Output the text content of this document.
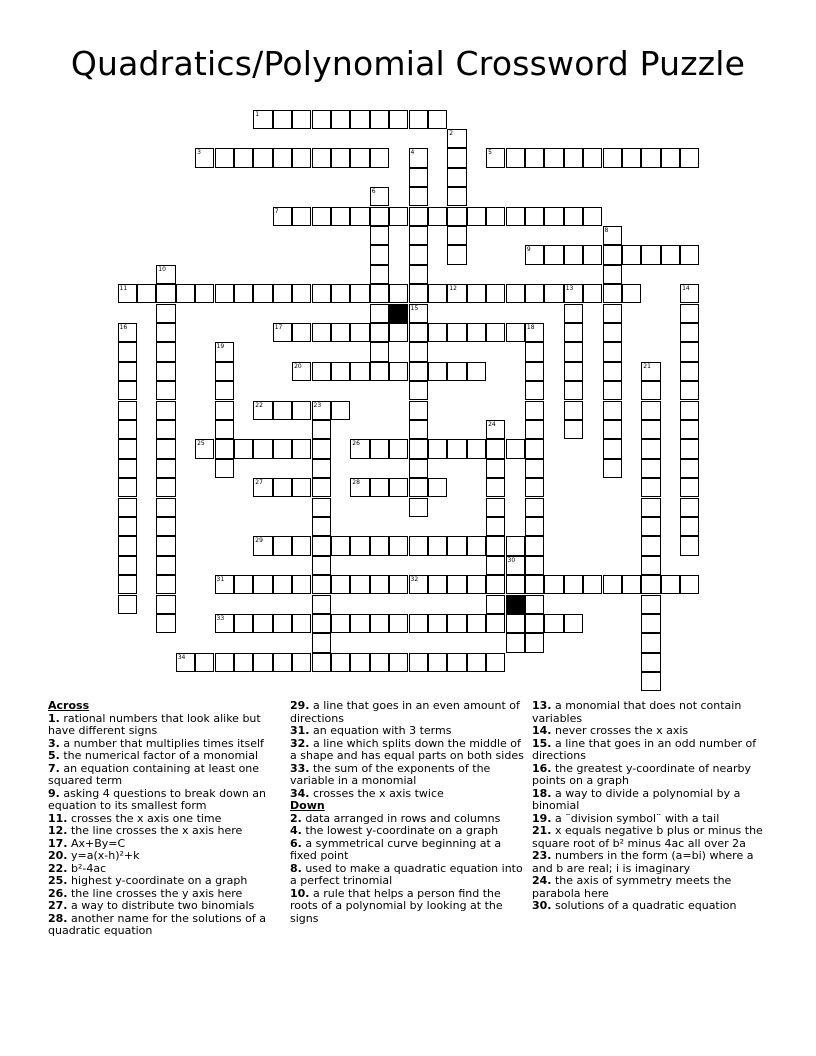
Quadratics/Polynomial Crossword Puzzle
1
3	5
7
9
11	12	13
17
20
22	23
25	26
27	28
29
31	32
33
34
2
4
15
6
8
10
14
16	18
19
21
24
30
Across
1. rational numbers that look alike but have different signs
3. a number that multiplies times itself
5. the numerical factor of a monomial
7. an equation containing at least one squared term
9. asking 4 questions to break down an equation to its smallest form
11. crosses the x axis one time
12. the line crosses the x axis here
17. Ax+By=C
20. y=a(x-h)²+k
22. b²-4ac
25. highest y-coordinate on a graph
26. the line crosses the y axis here
27. a way to distribute two binomials
28. another name for the solutions of a quadratic equation
29. a line that goes in an even amount of directions
31. an equation with 3 terms
32. a line which splits down the middle of a shape and has equal parts on both sides
33. the sum of the exponents of the variable in a monomial
34. crosses the x axis twice
Down
2. data arranged in rows and columns
4. the lowest y-coordinate on a graph
6. a symmetrical curve beginning at a fixed point
8. used to make a quadratic equation into a perfect trinomial
10. a rule that helps a person find the roots of a polynomial by looking at the signs
13. a monomial that does not contain variables
14. never crosses the x axis
15. a line that goes in an odd number of directions
16. the greatest y-coordinate of nearby points on a graph
18. a way to divide a polynomial by a binomial
19. a ¨division symbol¨ with a tail
21. x equals negative b plus or minus the square root of b² minus 4ac all over 2a
23. numbers in the form (a=bi) where a and b are real; i is imaginary
24. the axis of symmetry meets the parabola here
30. solutions of a quadratic equation
